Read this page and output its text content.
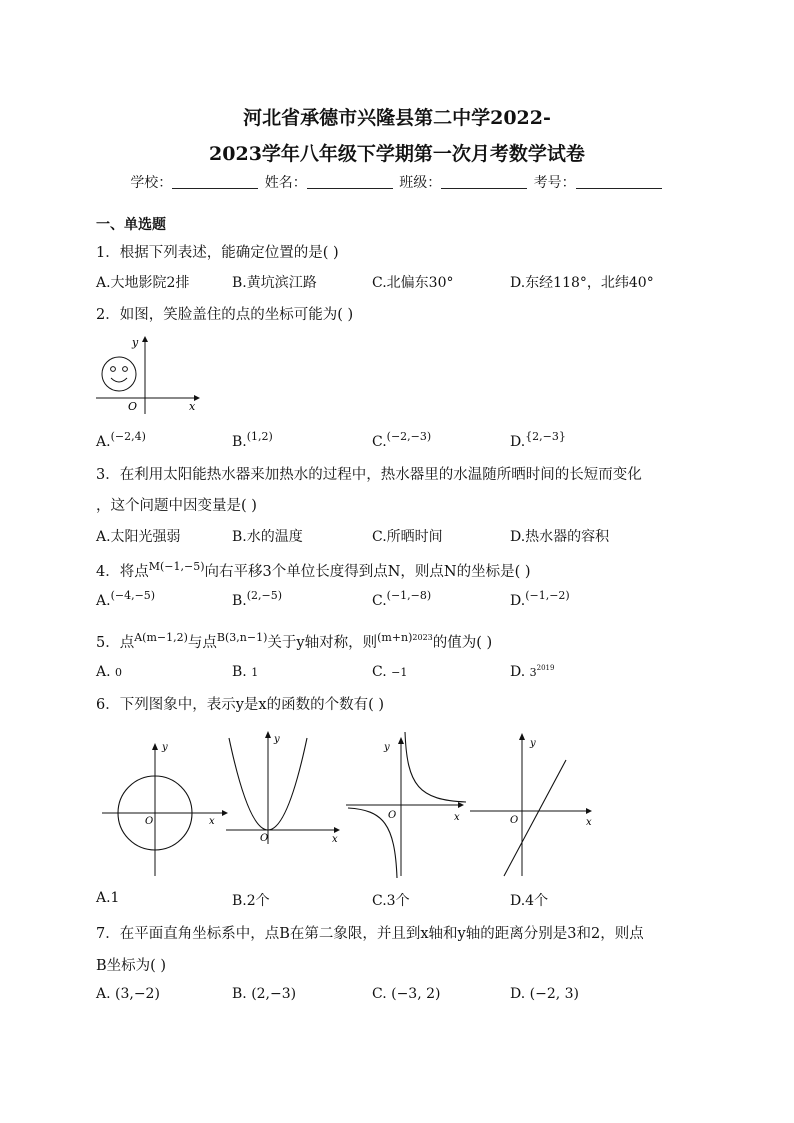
河北省承德市兴隆县第二中学2022-
2023学年八年级下学期第一次月考数学试卷
学校：	姓名：	班级：	考号：
一、单选题
1．根据下列表述，能确定位置的是( )
A.大地影院2排	B.黄坑滨江路	C.北偏东30°	D.东经118°，北纬40°
2．如图，笑脸盖住的点的坐标可能为( )
y
O	x
A.$^{(-2,4)}$	B.$^{(1,2)}$	C.$^{(-2,-3)}$	D.$^{\{2,-3\}}$
3．在利用太阳能热水器来加热水的过程中，热水器里的水温随所晒时间的长短而变化
，这个问题中因变量是( )
A.太阳光强弱	B.水的温度	C.所晒时间	D.热水器的容积
4．将点$^{M(-1,-5)}$向右平移3个单位长度得到点N，则点N的坐标是( )
A.$^{(-4,-5)}$	B.$^{(2,-5)}$	C.$^{(-1,-8)}$	D.$^{(-1,-2)}$
5．点$^{A(m-1,2)}$与点$^{B(3,n-1)}$关于y轴对称，则$^{(m+n)2023}$的值为( )
A. 0	B. 1	C. −1	D. $3^{2019}$
6．下列图象中，表示y是x的函数的个数有( )
y
O	x
y
O	x
y
O	x
y
O	x
A.1	B.2个	C.3个	D.4个
7．在平面直角坐标系中，点B在第二象限，并且到x轴和y轴的距离分别是3和2，则点
B坐标为( )
A. (3,−2)	B. (2,−3)	C. (−3, 2)	D. (−2, 3)
